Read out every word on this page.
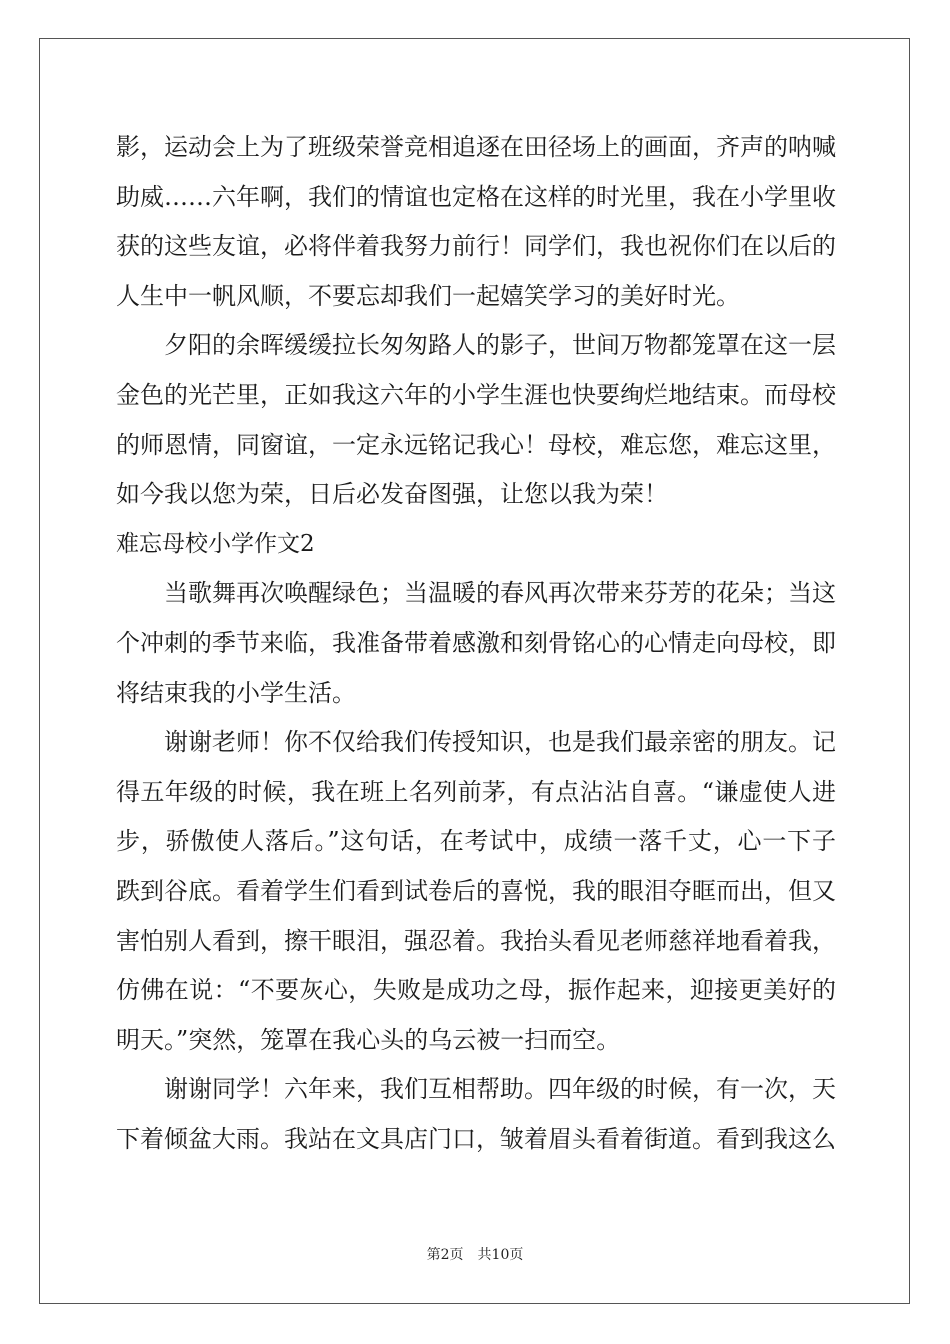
影，运动会上为了班级荣誉竞相追逐在田径场上的画面，齐声的呐喊
助威……六年啊，我们的情谊也定格在这样的时光里，我在小学里收
获的这些友谊，必将伴着我努力前行！同学们，我也祝你们在以后的
人生中一帆风顺，不要忘却我们一起嬉笑学习的美好时光。
夕阳的余晖缓缓拉长匆匆路人的影子，世间万物都笼罩在这一层
金色的光芒里，正如我这六年的小学生涯也快要绚烂地结束。而母校
的师恩情，同窗谊，一定永远铭记我心！母校，难忘您，难忘这里，
如今我以您为荣，日后必发奋图强，让您以我为荣！
难忘母校小学作文2
当歌舞再次唤醒绿色；当温暖的春风再次带来芬芳的花朵；当这
个冲刺的季节来临，我准备带着感激和刻骨铭心的心情走向母校，即
将结束我的小学生活。
谢谢老师！你不仅给我们传授知识，也是我们最亲密的朋友。记
得五年级的时候，我在班上名列前茅，有点沾沾自喜。“谦虚使人进
步，骄傲使人落后。”这句话，在考试中，成绩一落千丈，心一下子
跌到谷底。看着学生们看到试卷后的喜悦，我的眼泪夺眶而出，但又
害怕别人看到，擦干眼泪，强忍着。我抬头看见老师慈祥地看着我，
仿佛在说：“不要灰心，失败是成功之母，振作起来，迎接更美好的
明天。”突然，笼罩在我心头的乌云被一扫而空。
谢谢同学！六年来，我们互相帮助。四年级的时候，有一次，天
下着倾盆大雨。我站在文具店门口，皱着眉头看着街道。看到我这么
第2页 共10页
